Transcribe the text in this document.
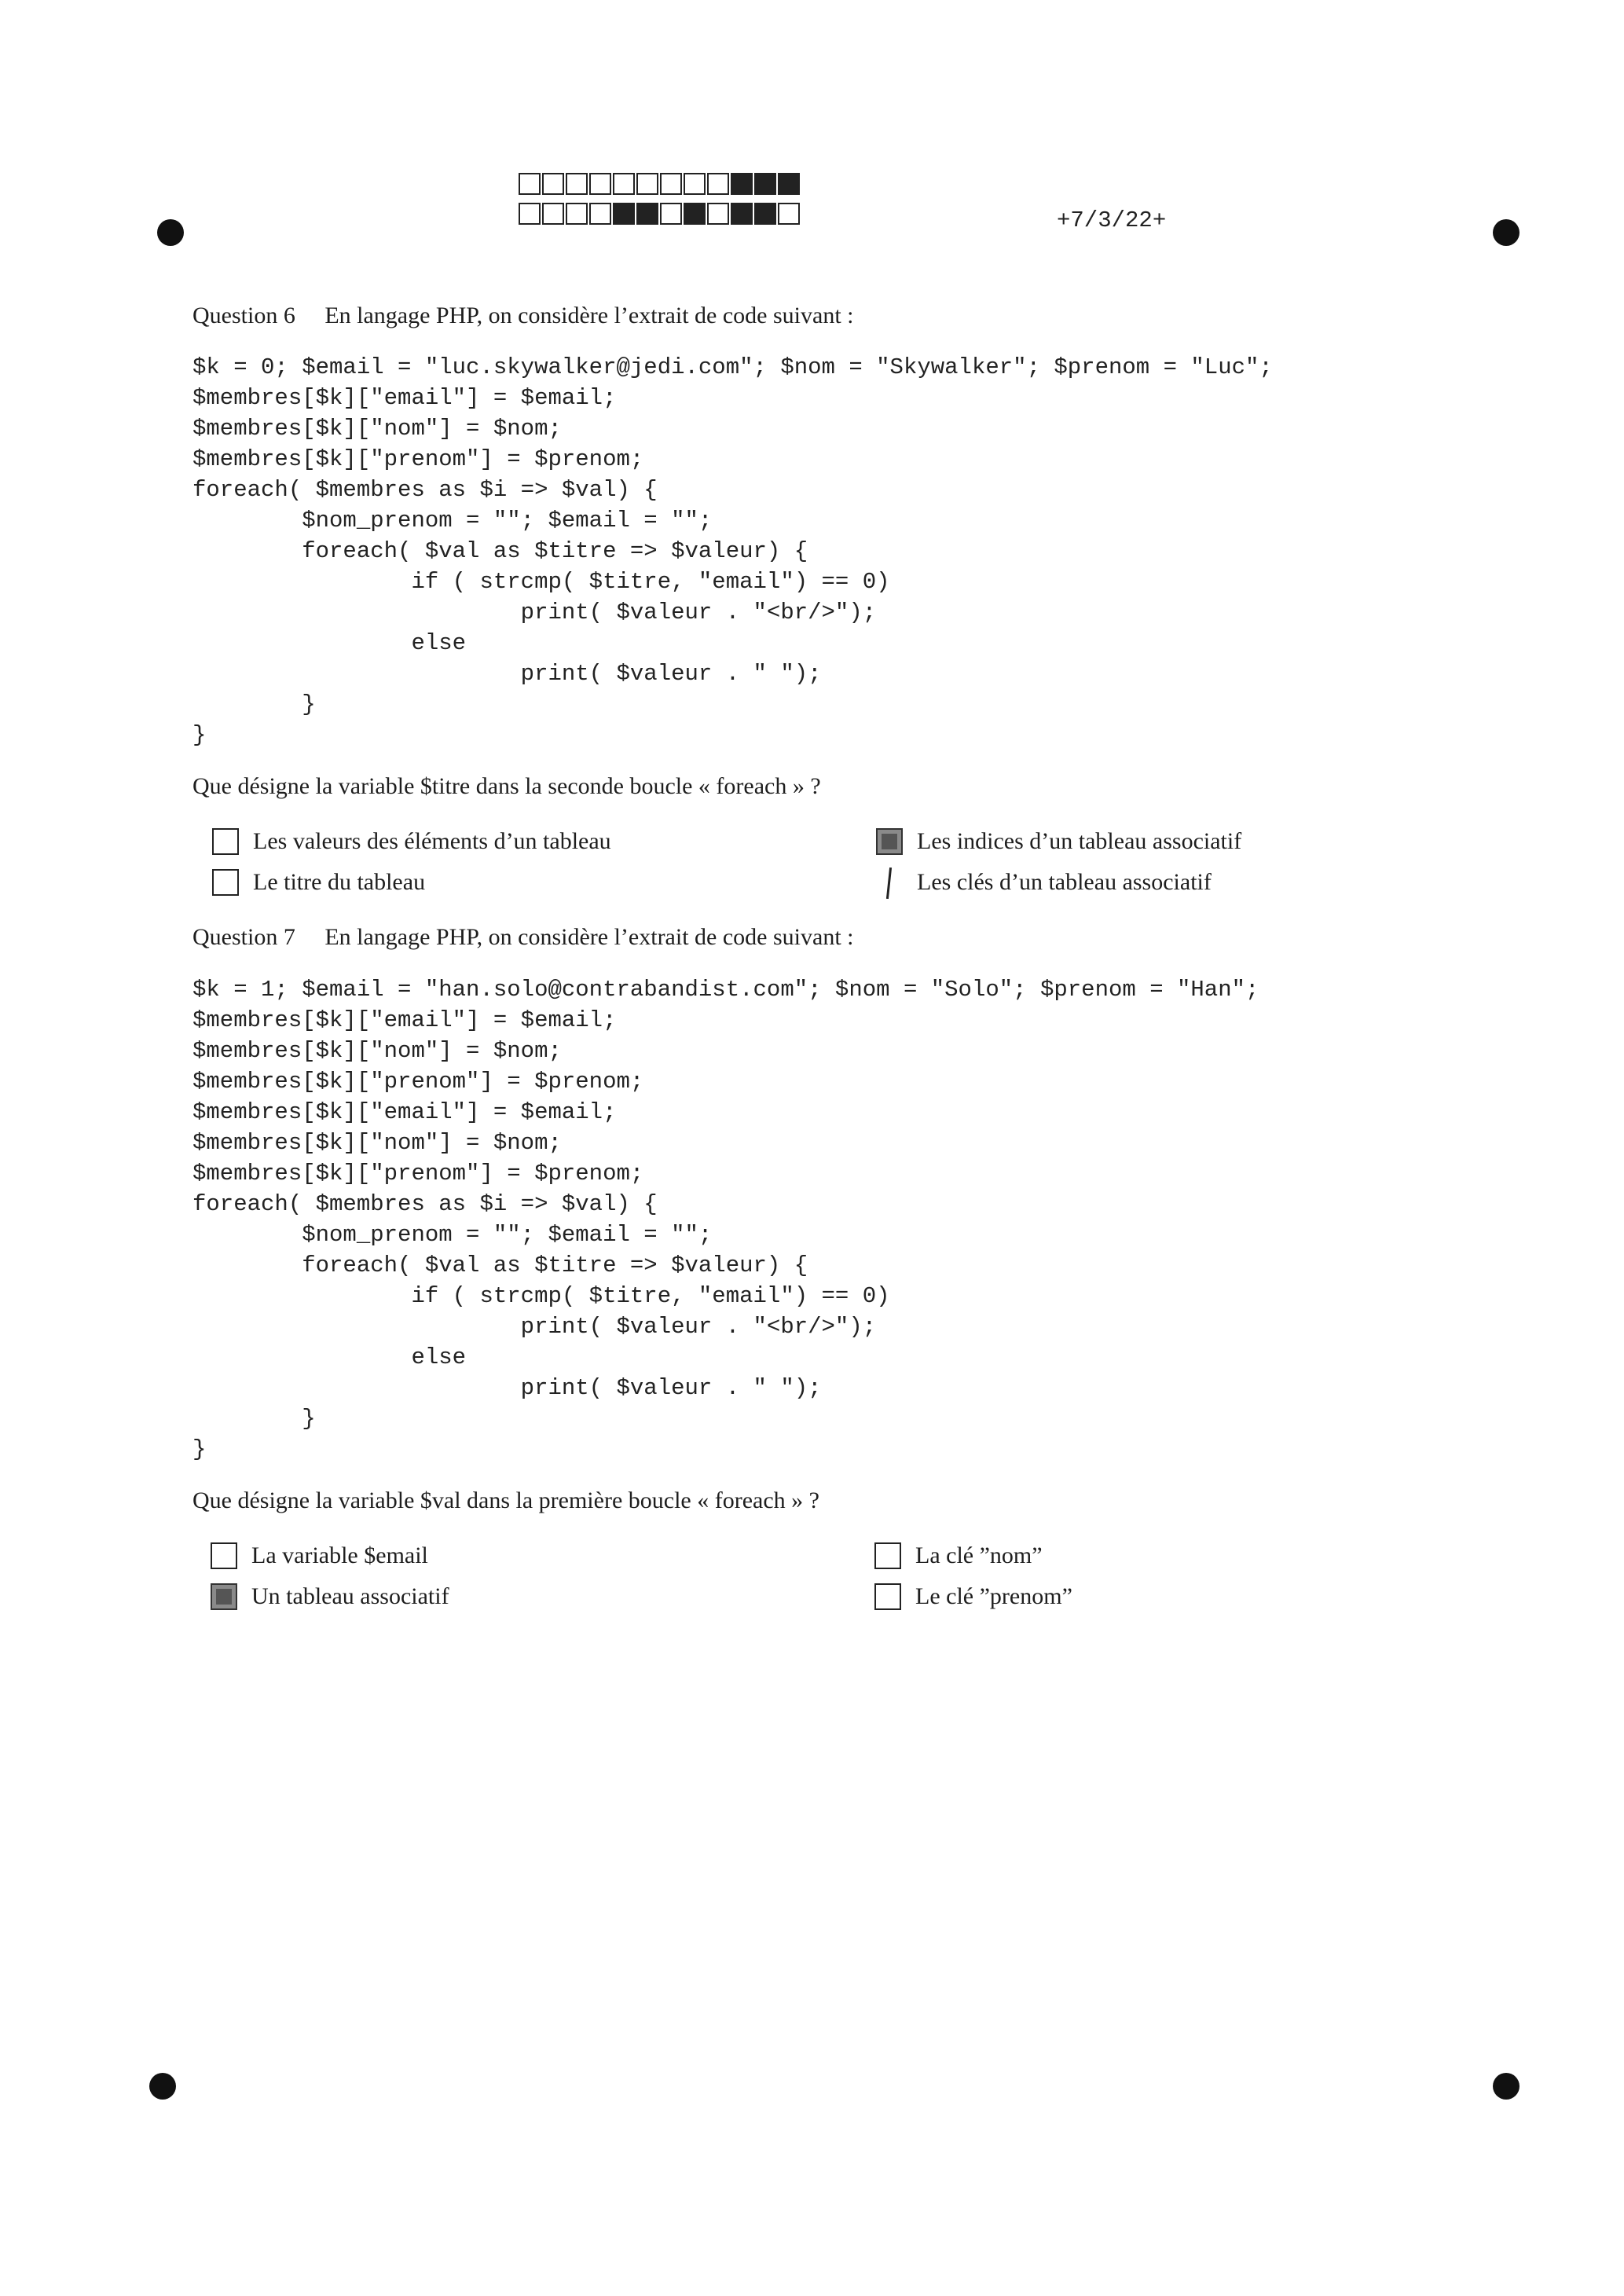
+7/3/22+
Question 6 En langage PHP, on considère l’extrait de code suivant :
$k = 0; $email = "luc.skywalker@jedi.com"; $nom = "Skywalker"; $prenom = "Luc";
$membres[$k]["email"] = $email;
$membres[$k]["nom"] = $nom;
$membres[$k]["prenom"] = $prenom;
foreach( $membres as $i => $val) {
$nom_prenom = ""; $email = "";
foreach( $val as $titre => $valeur) {
if ( strcmp( $titre, "email") == 0)
print( $valeur . "<br/>");
else
print( $valeur . " ");
}
}
Que désigne la variable $titre dans la seconde boucle « foreach » ?
Les valeurs des éléments d’un tableau	Les indices d’un tableau associatif
Le titre du tableau	Les clés d’un tableau associatif
Question 7 En langage PHP, on considère l’extrait de code suivant :
$k = 1; $email = "han.solo@contrabandist.com"; $nom = "Solo"; $prenom = "Han";
$membres[$k]["email"] = $email;
$membres[$k]["nom"] = $nom;
$membres[$k]["prenom"] = $prenom;
$membres[$k]["email"] = $email;
$membres[$k]["nom"] = $nom;
$membres[$k]["prenom"] = $prenom;
foreach( $membres as $i => $val) {
$nom_prenom = ""; $email = "";
foreach( $val as $titre => $valeur) {
if ( strcmp( $titre, "email") == 0)
print( $valeur . "<br/>");
else
print( $valeur . " ");
}
}
Que désigne la variable $val dans la première boucle « foreach » ?
La variable $email	La clé ”nom”
Un tableau associatif	Le clé ”prenom”
